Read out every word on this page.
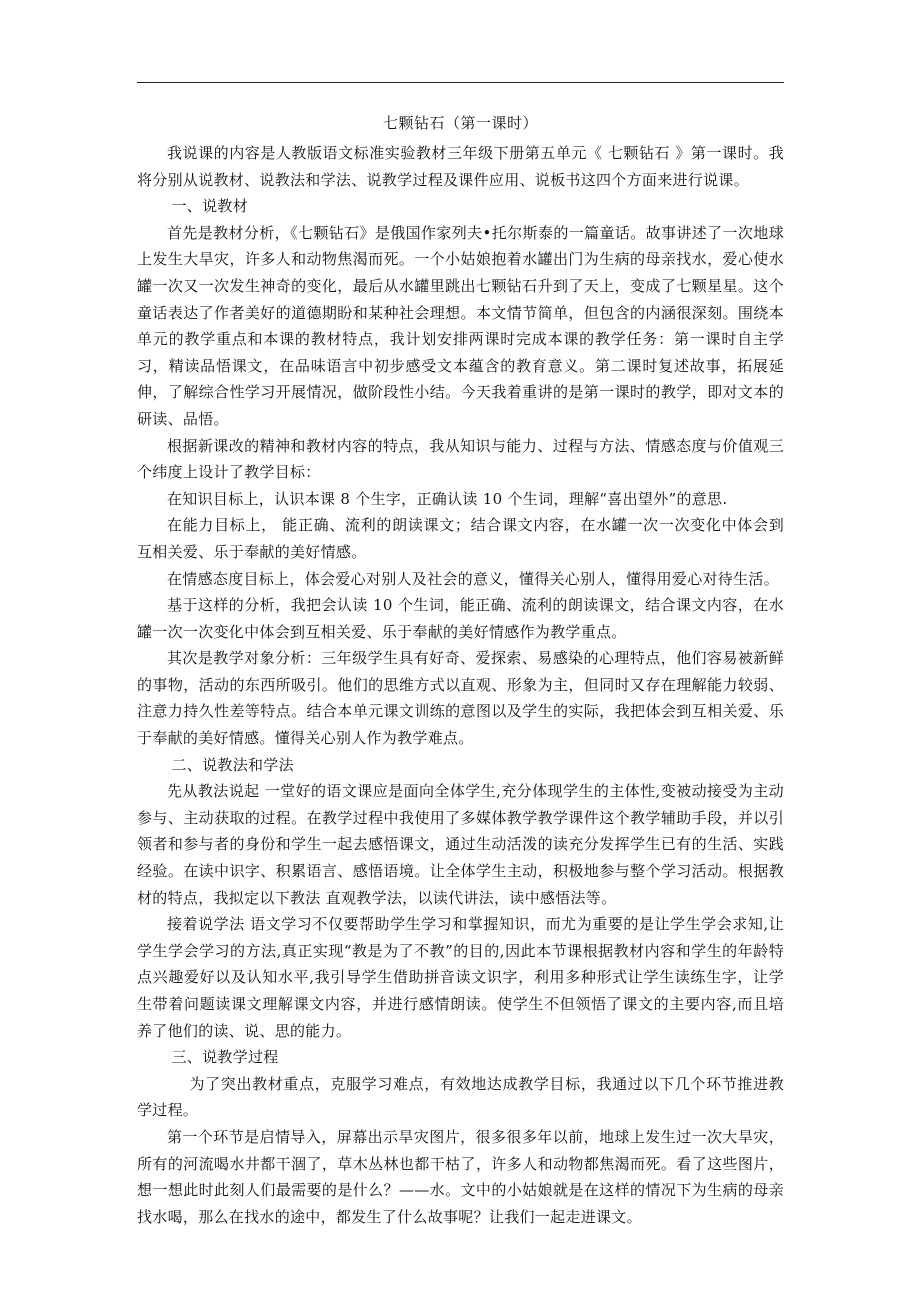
七颗钻石（第一课时）

我说课的内容是人教版语文标准实验教材三年级下册第五单元《 七颗钻石 》第一课时。我将分别从说教材、说教法和学法、说教学过程及课件应用、说板书这四个方面来进行说课。

一、说教材

首先是教材分析，《七颗钻石》是俄国作家列夫•托尔斯泰的一篇童话。故事讲述了一次地球上发生大旱灾，许多人和动物焦渴而死。一个小姑娘抱着水罐出门为生病的母亲找水，爱心使水罐一次又一次发生神奇的变化，最后从水罐里跳出七颗钻石升到了天上，变成了七颗星星。这个童话表达了作者美好的道德期盼和某种社会理想。本文情节简单，但包含的内涵很深刻。围绕本单元的教学重点和本课的教材特点，我计划安排两课时完成本课的教学任务：第一课时自主学习，精读品悟课文，在品味语言中初步感受文本蕴含的教育意义。第二课时复述故事，拓展延伸，了解综合性学习开展情况，做阶段性小结。今天我着重讲的是第一课时的教学，即对文本的研读、品悟。

根据新课改的精神和教材内容的特点，我从知识与能力、过程与方法、情感态度与价值观三个纬度上设计了教学目标：

在知识目标上，认识本课 8 个生字，正确认读 10 个生词，理解“喜出望外”的意思.

在能力目标上， 能正确、流利的朗读课文；结合课文内容，在水罐一次一次变化中体会到互相关爱、乐于奉献的美好情感。

在情感态度目标上，体会爱心对别人及社会的意义，懂得关心别人，懂得用爱心对待生活。

基于这样的分析，我把会认读 10 个生词，能正确、流利的朗读课文，结合课文内容，在水罐一次一次变化中体会到互相关爱、乐于奉献的美好情感作为教学重点。

其次是教学对象分析：三年级学生具有好奇、爱探索、易感染的心理特点，他们容易被新鲜的事物，活动的东西所吸引。他们的思维方式以直观、形象为主，但同时又存在理解能力较弱、注意力持久性差等特点。结合本单元课文训练的意图以及学生的实际，我把体会到互相关爱、乐于奉献的美好情感。懂得关心别人作为教学难点。

二、说教法和学法

先从教法说起 一堂好的语文课应是面向全体学生,充分体现学生的主体性,变被动接受为主动参与、主动获取的过程。在教学过程中我使用了多媒体教学教学课件这个教学辅助手段，并以引领者和参与者的身份和学生一起去感悟课文，通过生动活泼的读充分发挥学生已有的生活、实践经验。在读中识字、积累语言、感悟语境。让全体学生主动，积极地参与整个学习活动。根据教材的特点，我拟定以下教法 直观教学法，以读代讲法，读中感悟法等。

接着说学法 语文学习不仅要帮助学生学习和掌握知识，而尤为重要的是让学生学会求知,让学生学会学习的方法,真正实现“教是为了不教”的目的,因此本节课根据教材内容和学生的年龄特点兴趣爱好以及认知水平,我引导学生借助拼音读文识字，利用多种形式让学生读练生字，让学生带着问题读课文理解课文内容，并进行感情朗读。使学生不但领悟了课文的主要内容,而且培养了他们的读、说、思的能力。

三、说教学过程

为了突出教材重点，克服学习难点，有效地达成教学目标，我通过以下几个环节推进教学过程。

第一个环节是启情导入，屏幕出示旱灾图片，很多很多年以前，地球上发生过一次大旱灾，所有的河流喝水井都干涸了，草木丛林也都干枯了，许多人和动物都焦渴而死。看了这些图片，想一想此时此刻人们最需要的是什么？——水。文中的小姑娘就是在这样的情况下为生病的母亲找水喝，那么在找水的途中，都发生了什么故事呢？让我们一起走进课文。
